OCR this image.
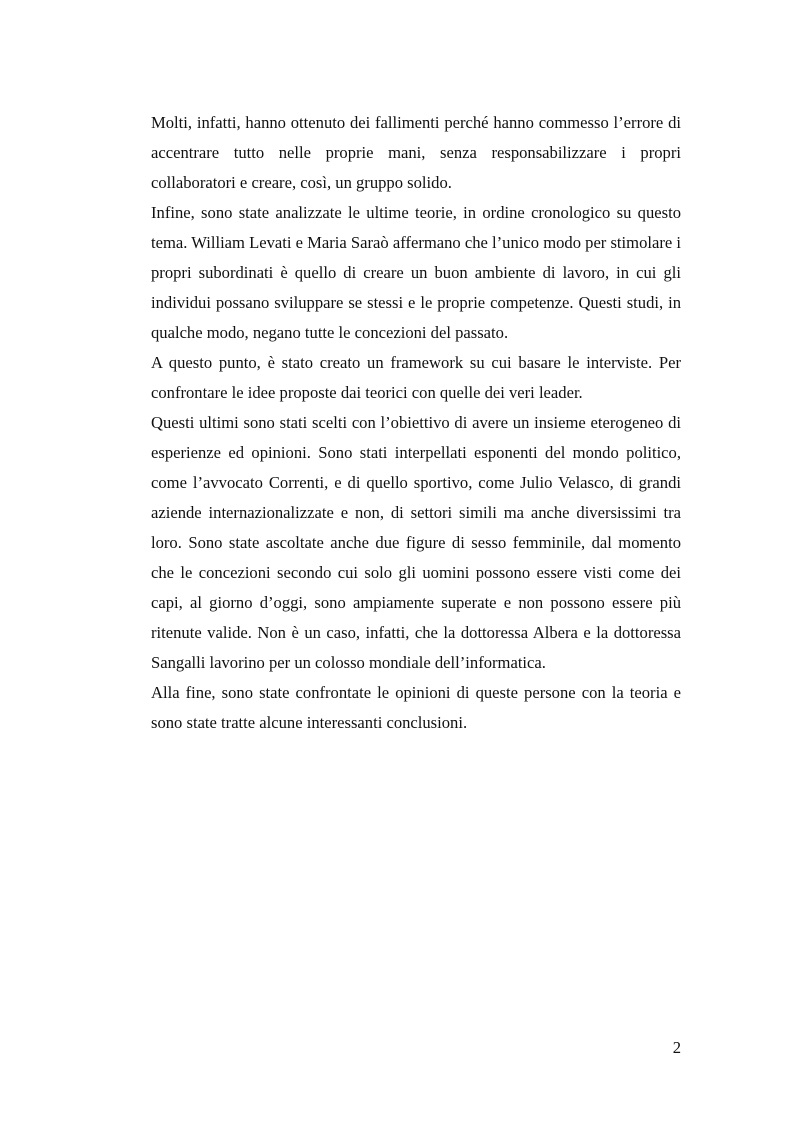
Molti, infatti, hanno ottenuto dei fallimenti perché hanno commesso l’errore di accentrare tutto nelle proprie mani, senza responsabilizzare i propri collaboratori e creare, così, un gruppo solido.

Infine, sono state analizzate le ultime teorie, in ordine cronologico su questo tema. William Levati e Maria Saraò affermano che l’unico modo per stimolare i propri subordinati è quello di creare un buon ambiente di lavoro, in cui gli individui possano sviluppare se stessi e le proprie competenze. Questi studi, in qualche modo, negano tutte le concezioni del passato.

A questo punto, è stato creato un framework su cui basare le interviste. Per confrontare le idee proposte dai teorici con quelle dei veri leader.

Questi ultimi sono stati scelti con l’obiettivo di avere un insieme eterogeneo di esperienze ed opinioni. Sono stati interpellati esponenti del mondo politico, come l’avvocato Correnti, e di quello sportivo, come Julio Velasco, di grandi aziende internazionalizzate e non, di settori simili ma anche diversissimi tra loro. Sono state ascoltate anche due figure di sesso femminile, dal momento che le concezioni secondo cui solo gli uomini possono essere visti come dei capi, al giorno d’oggi, sono ampiamente superate e non possono essere più ritenute valide. Non è un caso, infatti, che la dottoressa Albera e la dottoressa Sangalli lavorino per un colosso mondiale dell’informatica.

Alla fine, sono state confrontate le opinioni di queste persone con la teoria e sono state tratte alcune interessanti conclusioni.

2
